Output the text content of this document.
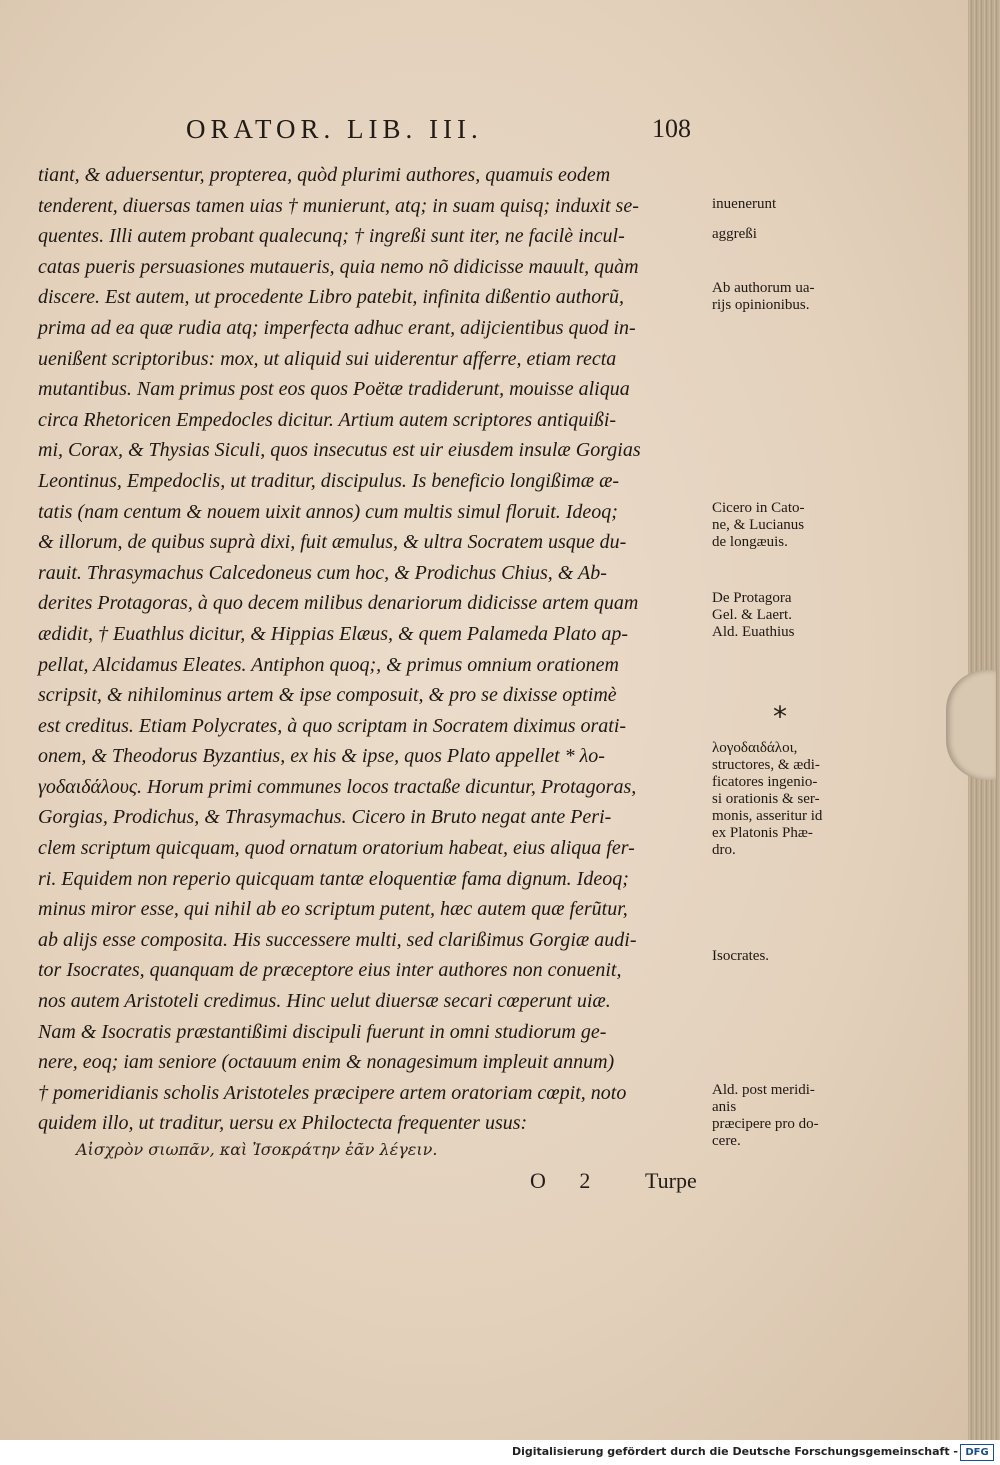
ORATOR. LIB. III.	108
tiant, & aduersentur, propterea, quòd plurimi authores, quamuis eodem
tenderent, diuersas tamen uias † munierunt, atq; in suam quisq; induxit se-
quentes. Illi autem probant qualecunq; † ingreßi sunt iter, ne facilè incul-
catas pueris persuasiones mutaueris, quia nemo nõ didicisse mauult, quàm
discere. Est autem, ut procedente Libro patebit, infinita dißentio authorũ,
prima ad ea quæ rudia atq; imperfecta adhuc erant, adijcientibus quod in-
uenißent scriptoribus: mox, ut aliquid sui uiderentur afferre, etiam recta
mutantibus. Nam primus post eos quos Poëtæ tradiderunt, mouisse aliqua
circa Rhetoricen Empedocles dicitur. Artium autem scriptores antiquißi-
mi, Corax, & Thysias Siculi, quos insecutus est uir eiusdem insulæ Gorgias
Leontinus, Empedoclis, ut traditur, discipulus. Is beneficio longißimæ æ-
tatis (nam centum & nouem uixit annos) cum multis simul floruit. Ideoq;
& illorum, de quibus suprà dixi, fuit æmulus, & ultra Socratem usque du-
rauit. Thrasymachus Calcedoneus cum hoc, & Prodichus Chius, & Ab-
derites Protagoras, à quo decem milibus denariorum didicisse artem quam
ædidit, † Euathlus dicitur, & Hippias Elæus, & quem Palameda Plato ap-
pellat, Alcidamus Eleates. Antiphon quoq;, & primus omnium orationem
scripsit, & nihilominus artem & ipse composuit, & pro se dixisse optimè
est creditus. Etiam Polycrates, à quo scriptam in Socratem diximus orati-
onem, & Theodorus Byzantius, ex his & ipse, quos Plato appellet * λο-
γοδαιδάλους. Horum primi communes locos tractaße dicuntur, Protagoras,
Gorgias, Prodichus, & Thrasymachus. Cicero in Bruto negat ante Peri-
clem scriptum quicquam, quod ornatum oratorium habeat, eius aliqua fer-
ri. Equidem non reperio quicquam tantæ eloquentiæ fama dignum. Ideoq;
minus miror esse, qui nihil ab eo scriptum putent, hæc autem quæ ferũtur,
ab alijs esse composita. His successere multi, sed clarißimus Gorgiæ audi-
tor Isocrates, quanquam de præceptore eius inter authores non conuenit,
nos autem Aristoteli credimus. Hinc uelut diuersæ secari cœperunt uiæ.
Nam & Isocratis præstantißimi discipuli fuerunt in omni studiorum ge-
nere, eoq; iam seniore (octauum enim & nonagesimum impleuit annum)
† pomeridianis scholis Aristoteles præcipere artem oratoriam cœpit, noto
quidem illo, ut traditur, uersu ex Philoctecta frequenter usus:
Αἰσχρὸν σιωπᾶν, καὶ Ἰσοκράτην ἐᾶν λέγειν.
O 2 Turpe
inuenerunt
aggreßi
Ab authorum ua-
rijs opinionibus.
Cicero in Cato-
ne, & Lucianus
de longæuis.
De Protagora
Gel. & Laert.
Ald. Euathius
*
λογοδαιδάλοι,
structores, & ædi-
ficatores ingenio-
si orationis & ser-
monis, asseritur id
ex Platonis Phæ-
dro.
Isocrates.
Ald. post meridi-
anis
præcipere pro do-
cere.
Digitalisierung gefördert durch die Deutsche Forschungsgemeinschaft - DFG
